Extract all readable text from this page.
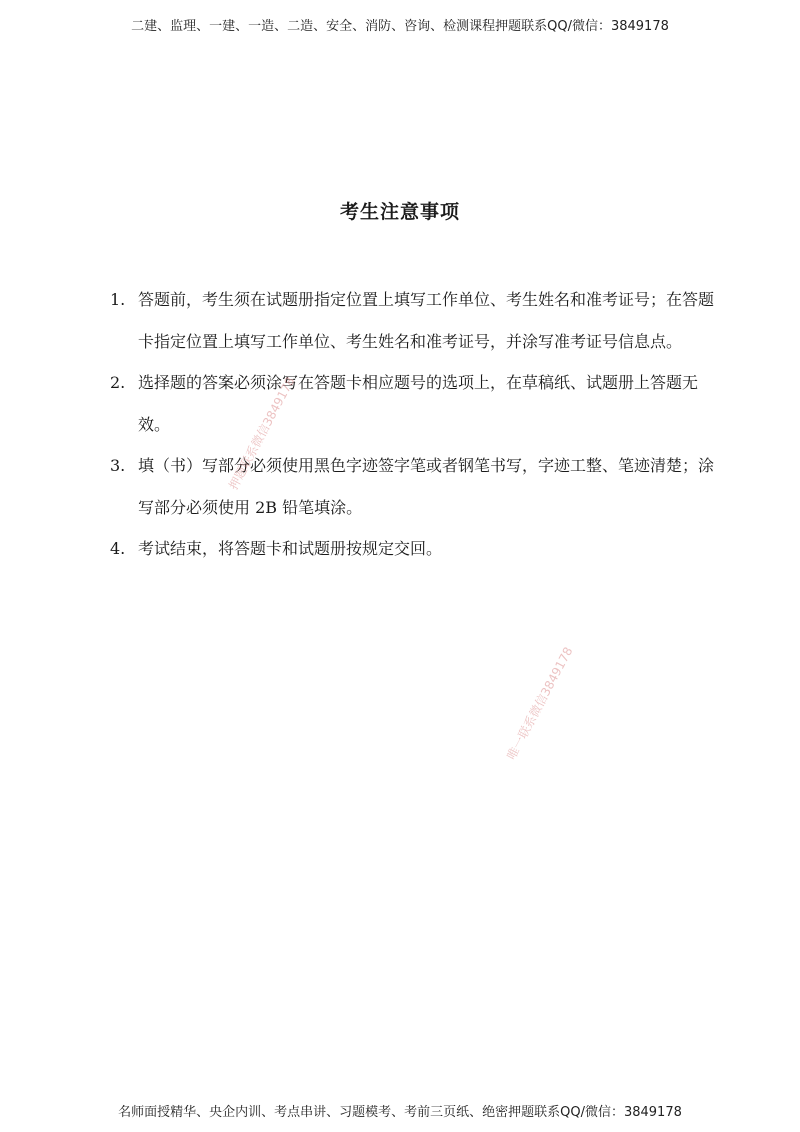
二建、监理、一建、一造、二造、安全、消防、咨询、检测课程押题联系QQ/微信：3849178
考生注意事项
1. 答题前，考生须在试题册指定位置上填写工作单位、考生姓名和准考证号；在答题卡指定位置上填写工作单位、考生姓名和准考证号，并涂写准考证号信息点。
2. 选择题的答案必须涂写在答题卡相应题号的选项上，在草稿纸、试题册上答题无效。
3. 填（书）写部分必须使用黑色字迹签字笔或者钢笔书写，字迹工整、笔迹清楚；涂写部分必须使用 2B 铅笔填涂。
4. 考试结束，将答题卡和试题册按规定交回。
押题联系微信3849178
唯一联系微信3849178
名师面授精华、央企内训、考点串讲、习题模考、考前三页纸、绝密押题联系QQ/微信：3849178
